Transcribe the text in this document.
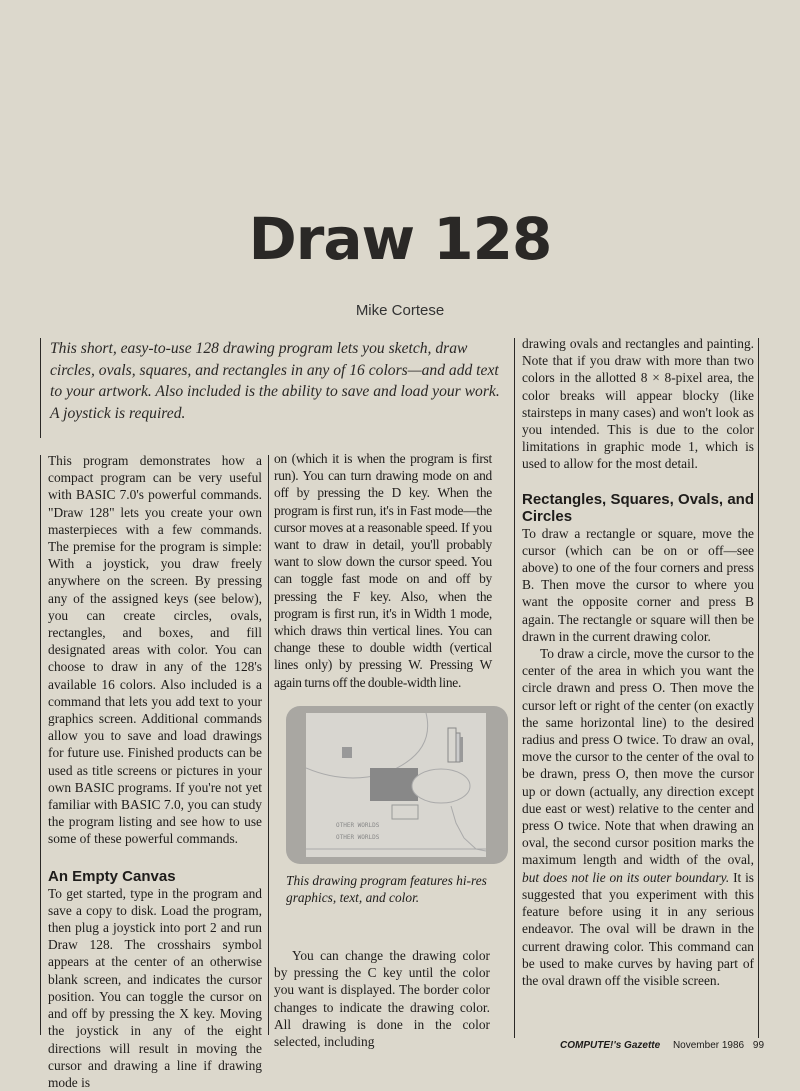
Draw 128
Mike Cortese
This short, easy-to-use 128 drawing program lets you sketch, draw circles, ovals, squares, and rectangles in any of 16 colors—and add text to your artwork. Also included is the ability to save and load your work. A joystick is required.

This program demonstrates how a compact program can be very useful with BASIC 7.0's powerful commands. "Draw 128" lets you create your own masterpieces with a few commands. The premise for the program is simple: With a joystick, you draw freely anywhere on the screen. By pressing any of the assigned keys (see below), you can create circles, ovals, rectangles, and boxes, and fill designated areas with color. You can choose to draw in any of the 128's available 16 colors. Also included is a command that lets you add text to your graphics screen. Additional commands allow you to save and load drawings for future use. Finished products can be used as title screens or pictures in your own BASIC programs. If you're not yet familiar with BASIC 7.0, you can study the program listing and see how to use some of these powerful commands.

An Empty Canvas

To get started, type in the program and save a copy to disk. Load the program, then plug a joystick into port 2 and run Draw 128. The crosshairs symbol appears at the center of an otherwise blank screen, and indicates the cursor position. You can toggle the cursor on and off by pressing the X key. Moving the joystick in any of the eight directions will result in moving the cursor and drawing a line if drawing mode is

on (which it is when the program is first run). You can turn drawing mode on and off by pressing the D key. When the program is first run, it's in Fast mode—the cursor moves at a reasonable speed. If you want to draw in detail, you'll probably want to slow down the cursor speed. You can toggle fast mode on and off by pressing the F key. Also, when the program is first run, it's in Width 1 mode, which draws thin vertical lines. You can change these to double width (vertical lines only) by pressing W. Pressing W again turns off the double-width line.

OTHER WORLDS
OTHER WORLDS
This drawing program features hi-res graphics, text, and color.

You can change the drawing color by pressing the C key until the color you want is displayed. The border color changes to indicate the drawing color. All drawing is done in the color selected, including

drawing ovals and rectangles and painting. Note that if you draw with more than two colors in the allotted 8 × 8-pixel area, the color breaks will appear blocky (like stairsteps in many cases) and won't look as you intended. This is due to the color limitations in graphic mode 1, which is used to allow for the most detail.

Rectangles, Squares, Ovals, and Circles

To draw a rectangle or square, move the cursor (which can be on or off—see above) to one of the four corners and press B. Then move the cursor to where you want the opposite corner and press B again. The rectangle or square will then be drawn in the current drawing color.

To draw a circle, move the cursor to the center of the area in which you want the circle drawn and press O. Then move the cursor left or right of the center (on exactly the same horizontal line) to the desired radius and press O twice. To draw an oval, move the cursor to the center of the oval to be drawn, press O, then move the cursor up or down (actually, any direction except due east or west) relative to the center and press O twice. Note that when drawing an oval, the second cursor position marks the maximum length and width of the oval, but does not lie on its outer boundary. It is suggested that you experiment with this feature before using it in any serious endeavor. The oval will be drawn in the current drawing color. This command can be used to make curves by having part of the oval drawn off the visible screen.

COMPUTE!'s Gazette November 1986 99
